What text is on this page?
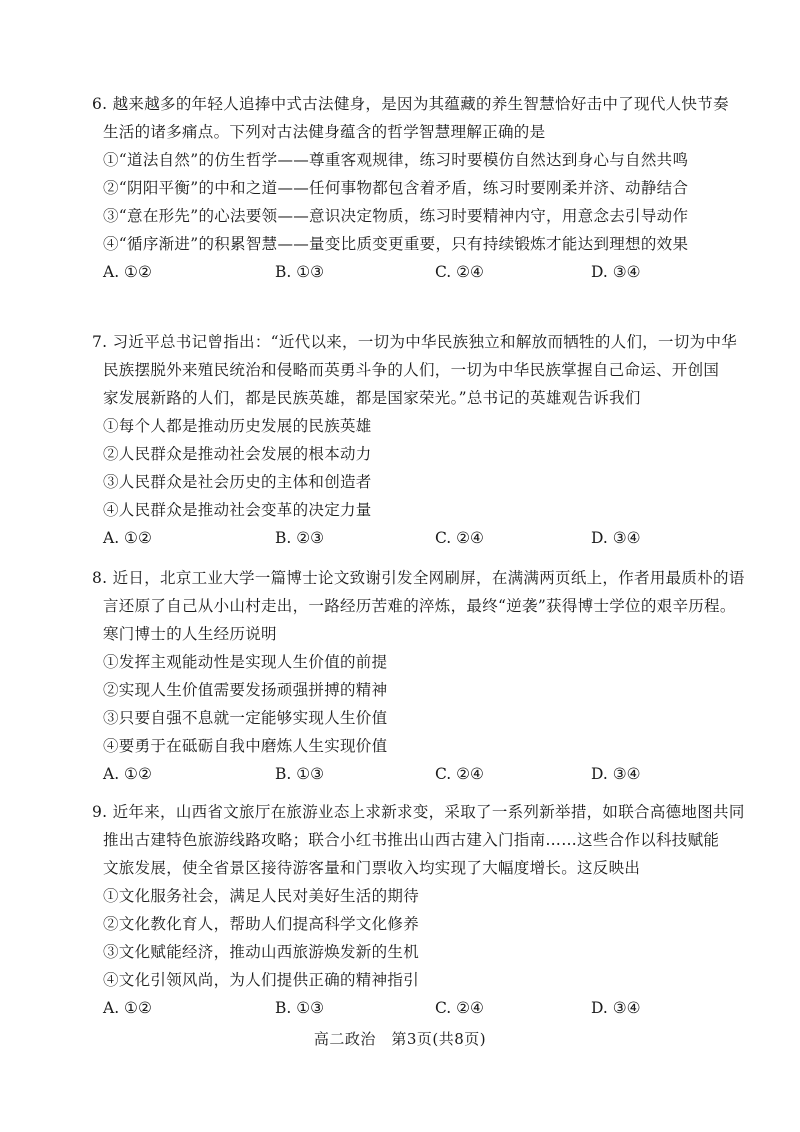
6. 越来越多的年轻人追捧中式古法健身，是因为其蕴藏的养生智慧恰好击中了现代人快节奏
生活的诸多痛点。下列对古法健身蕴含的哲学智慧理解正确的是
①“道法自然”的仿生哲学——尊重客观规律，练习时要模仿自然达到身心与自然共鸣
②“阴阳平衡”的中和之道——任何事物都包含着矛盾，练习时要刚柔并济、动静结合
③“意在形先”的心法要领——意识决定物质，练习时要精神内守，用意念去引导动作
④“循序渐进”的积累智慧——量变比质变更重要，只有持续锻炼才能达到理想的效果
A. ①②	B. ①③	C. ②④	D. ③④
7. 习近平总书记曾指出：“近代以来，一切为中华民族独立和解放而牺牲的人们，一切为中华
民族摆脱外来殖民统治和侵略而英勇斗争的人们，一切为中华民族掌握自己命运、开创国
家发展新路的人们，都是民族英雄，都是国家荣光。”总书记的英雄观告诉我们
①每个人都是推动历史发展的民族英雄
②人民群众是推动社会发展的根本动力
③人民群众是社会历史的主体和创造者
④人民群众是推动社会变革的决定力量
A. ①②	B. ②③	C. ②④	D. ③④
8. 近日，北京工业大学一篇博士论文致谢引发全网刷屏，在满满两页纸上，作者用最质朴的语
言还原了自己从小山村走出，一路经历苦难的淬炼，最终“逆袭”获得博士学位的艰辛历程。
寒门博士的人生经历说明
①发挥主观能动性是实现人生价值的前提
②实现人生价值需要发扬顽强拼搏的精神
③只要自强不息就一定能够实现人生价值
④要勇于在砥砺自我中磨炼人生实现价值
A. ①②	B. ①③	C. ②④	D. ③④
9. 近年来，山西省文旅厅在旅游业态上求新求变，采取了一系列新举措，如联合高德地图共同
推出古建特色旅游线路攻略；联合小红书推出山西古建入门指南……这些合作以科技赋能
文旅发展，使全省景区接待游客量和门票收入均实现了大幅度增长。这反映出
①文化服务社会，满足人民对美好生活的期待
②文化教化育人，帮助人们提高科学文化修养
③文化赋能经济，推动山西旅游焕发新的生机
④文化引领风尚，为人们提供正确的精神指引
A. ①②	B. ①③	C. ②④	D. ③④
高二政治　第3页(共8页)
